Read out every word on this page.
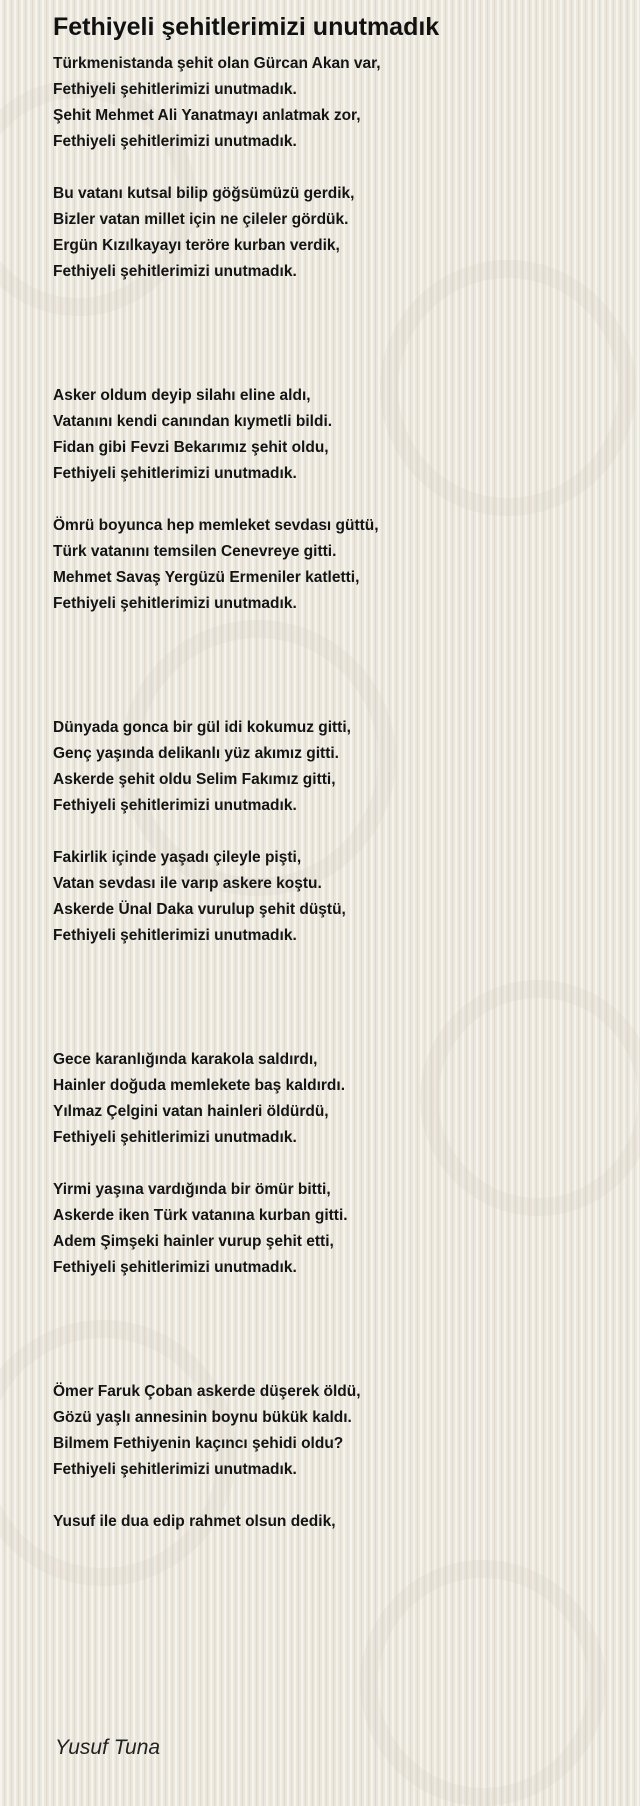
Fethiyeli şehitlerimizi unutmadık
Türkmenistanda şehit olan Gürcan Akan var,
Fethiyeli şehitlerimizi unutmadık.
Şehit Mehmet Ali Yanatmayı anlatmak zor,
Fethiyeli şehitlerimizi unutmadık.
Bu vatanı kutsal bilip göğsümüzü gerdik,
Bizler vatan millet için ne çileler gördük.
Ergün Kızılkayayı teröre kurban verdik,
Fethiyeli şehitlerimizi unutmadık.
Asker oldum deyip silahı eline aldı,
Vatanını kendi canından kıymetli bildi.
Fidan gibi Fevzi Bekarımız şehit oldu,
Fethiyeli şehitlerimizi unutmadık.
Ömrü boyunca hep memleket sevdası güttü,
Türk vatanını temsilen Cenevreye gitti.
Mehmet Savaş Yergüzü Ermeniler katletti,
Fethiyeli şehitlerimizi unutmadık.
Dünyada gonca bir gül idi kokumuz gitti,
Genç yaşında delikanlı yüz akımız gitti.
Askerde şehit oldu Selim Fakımız gitti,
Fethiyeli şehitlerimizi unutmadık.
Fakirlik içinde yaşadı çileyle pişti,
Vatan sevdası ile varıp askere koştu.
Askerde Ünal Daka vurulup şehit düştü,
Fethiyeli şehitlerimizi unutmadık.
Gece karanlığında karakola saldırdı,
Hainler doğuda memlekete baş kaldırdı.
Yılmaz Çelgini vatan hainleri öldürdü,
Fethiyeli şehitlerimizi unutmadık.
Yirmi yaşına vardığında bir ömür bitti,
Askerde iken Türk vatanına kurban gitti.
Adem Şimşeki hainler vurup şehit etti,
Fethiyeli şehitlerimizi unutmadık.
Ömer Faruk Çoban askerde düşerek öldü,
Gözü yaşlı annesinin boynu bükük kaldı.
Bilmem Fethiyenin kaçıncı şehidi oldu?
Fethiyeli şehitlerimizi unutmadık.
Yusuf ile dua edip rahmet olsun dedik,
Yusuf Tuna
